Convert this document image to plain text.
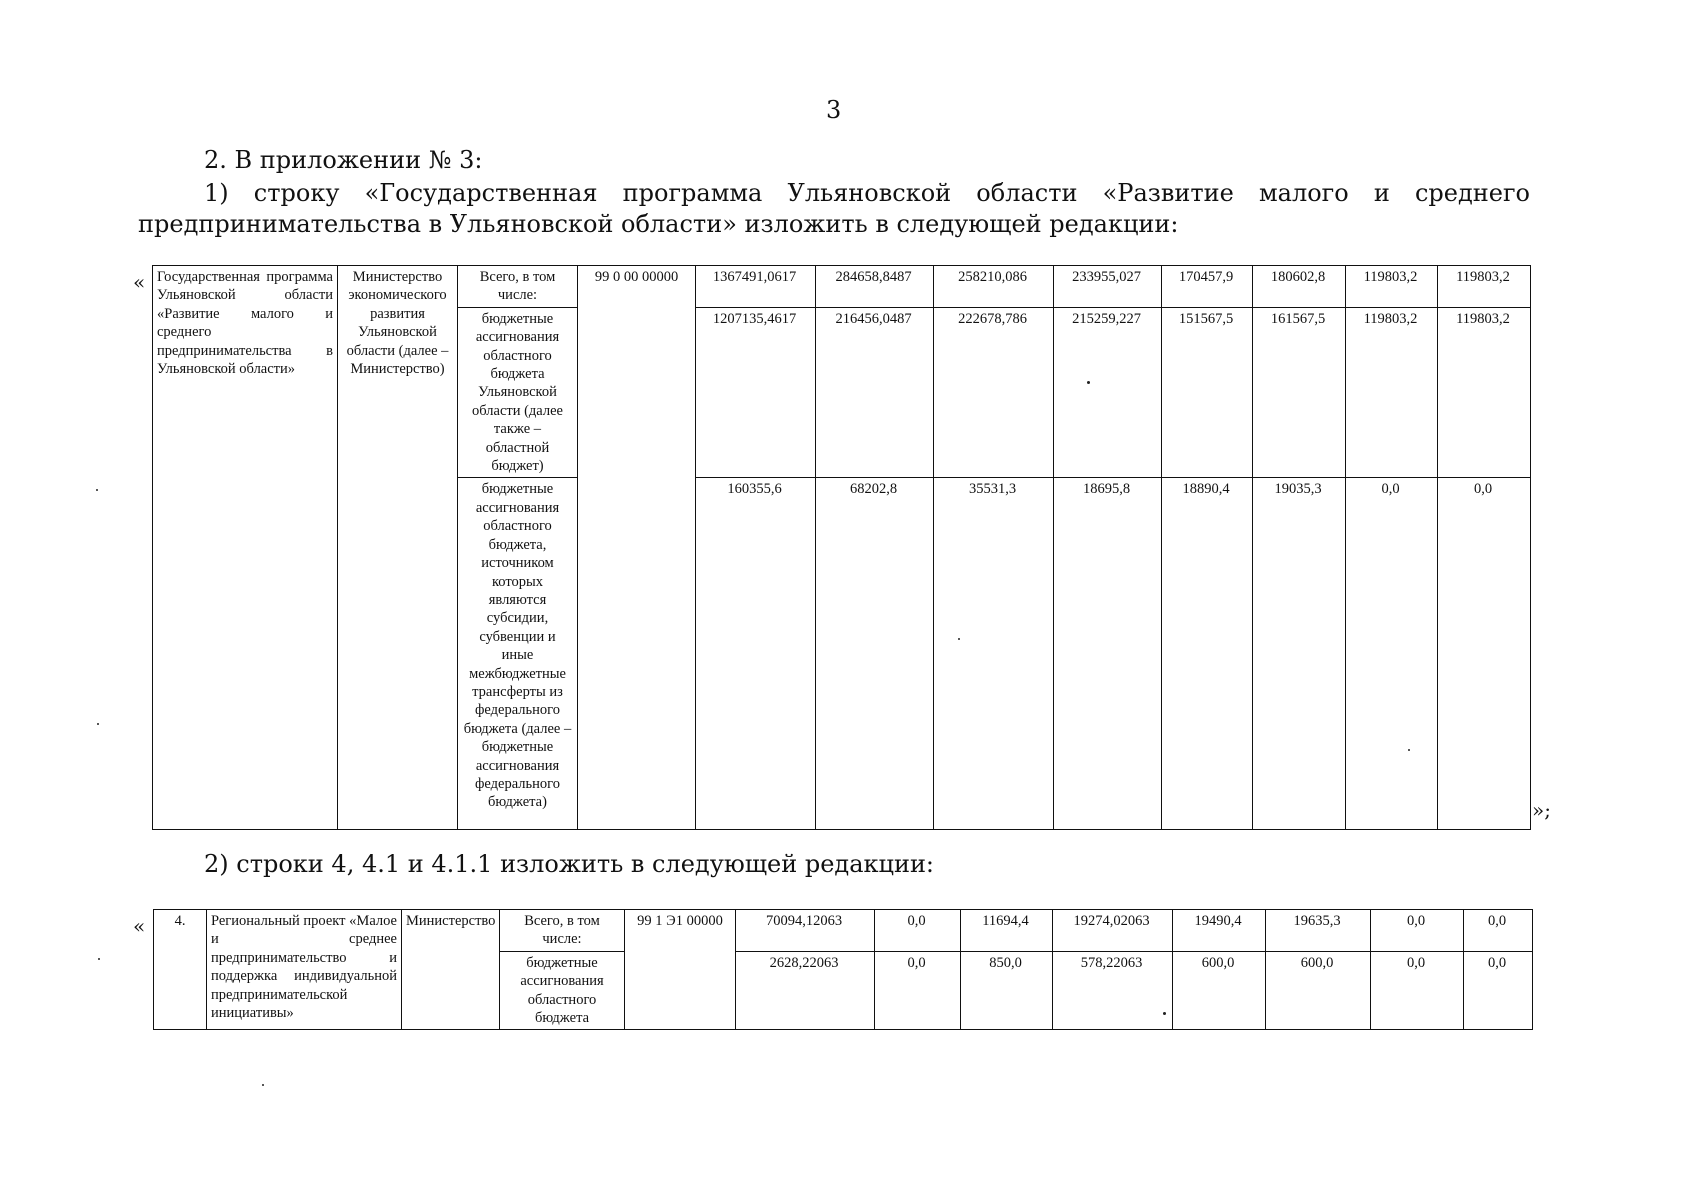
3
2. В приложении № 3:
1) строку «Государственная программа Ульяновской области «Развитие малого и среднего предпринимательства в Ульяновской области» изложить в следующей редакции:
« Государственная программа Ульяновской области «Развитие малого и среднего предпринимательства в Ульяновской области»	Министерство экономического развития Ульяновской области (далее – Министерство)	Всего, в том числе:	99 0 00 00000	1367491,0617	284658,8487	258210,086	233955,027	170457,9	180602,8	119803,2	119803,2
		бюджетные ассигнования областного бюджета Ульяновской области (далее также – областной бюджет)		1207135,4617	216456,0487	222678,786	215259,227	151567,5	161567,5	119803,2	119803,2
		бюджетные ассигнования областного бюджета, источником которых являются субсидии, субвенции и иные межбюджетные трансферты из федерального бюджета (далее – бюджетные ассигнования федерального бюджета)		160355,6	68202,8	35531,3	18695,8	18890,4	19035,3	0,0	0,0
»;
2) строки 4, 4.1 и 4.1.1 изложить в следующей редакции:
« 4.	Региональный проект «Малое и среднее предпринимательство и поддержка индивидуальной предпринимательской инициативы»	Министерство	Всего, в том числе:	99 1 Э1 00000	70094,12063	0,0	11694,4	19274,02063	19490,4	19635,3	0,0	0,0
			бюджетные ассигнования областного бюджета		2628,22063	0,0	850,0	578,22063	600,0	600,0	0,0	0,0
